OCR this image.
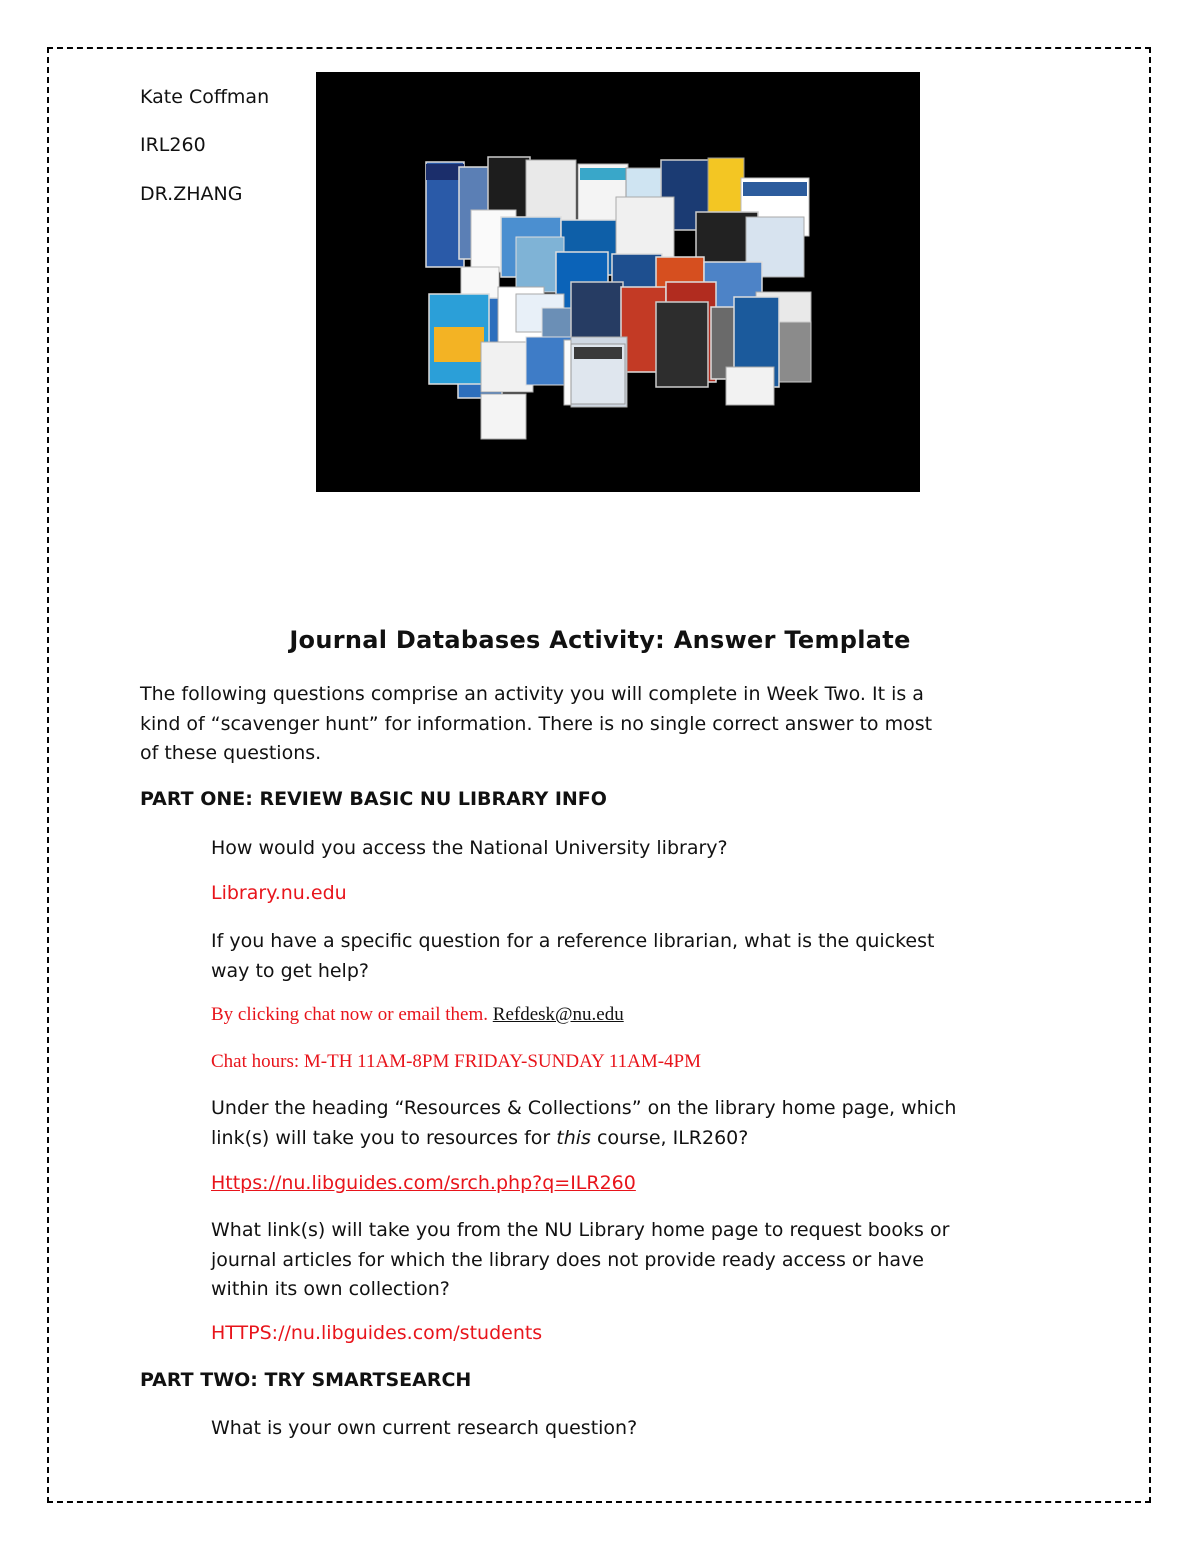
Kate Coffman
IRL260
DR.ZHANG
Journal Databases Activity: Answer Template
The following questions comprise an activity you will complete in Week Two. It is a
kind of “scavenger hunt” for information. There is no single correct answer to most
of these questions.
PART ONE: REVIEW BASIC NU LIBRARY INFO
How would you access the National University library?
Library.nu.edu
If you have a specific question for a reference librarian, what is the quickest
way to get help?
By clicking chat now or email them. Refdesk@nu.edu
Chat hours: M-TH 11AM-8PM FRIDAY-SUNDAY 11AM-4PM
Under the heading “Resources & Collections” on the library home page, which
link(s) will take you to resources for this course, ILR260?
Https://nu.libguides.com/srch.php?q=ILR260
What link(s) will take you from the NU Library home page to request books or
journal articles for which the library does not provide ready access or have
within its own collection?
HTTPS://nu.libguides.com/students
PART TWO: TRY SMARTSEARCH
What is your own current research question?
